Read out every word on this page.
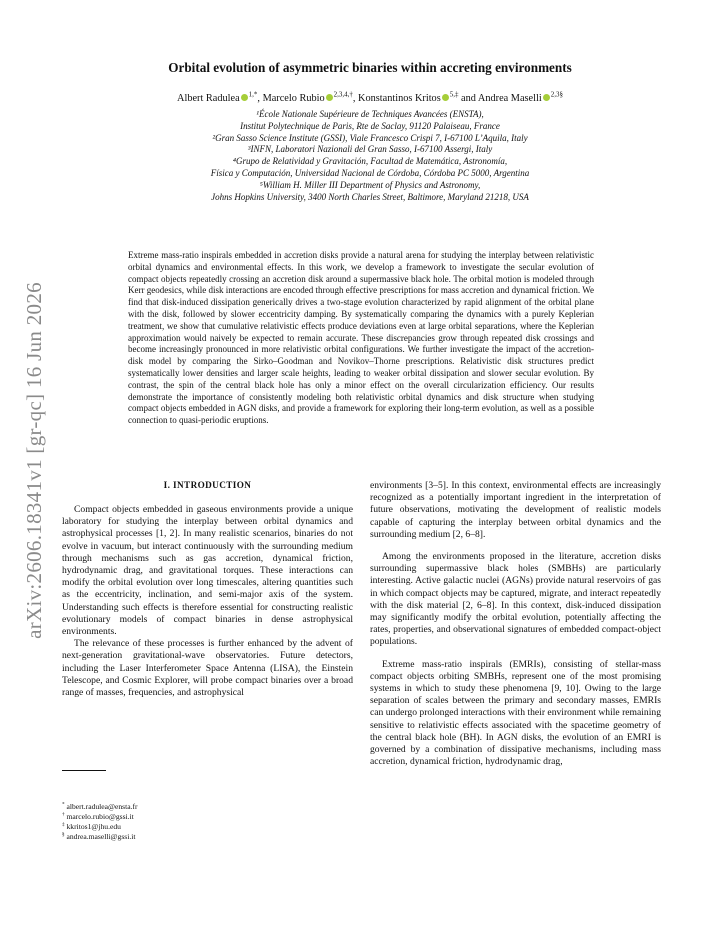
arXiv:2606.18341v1 [gr-qc] 16 Jun 2026
Orbital evolution of asymmetric binaries within accreting environments
Albert Radulea $^{1,*}$, Marcelo Rubio $^{2,3,4,\dagger}$, Konstantinos Kritos $^{5,\ddagger}$ and Andrea Maselli $^{2,3\S}$
¹École Nationale Supérieure de Techniques Avancées (ENSTA),
Institut Polytechnique de Paris, Rte de Saclay, 91120 Palaiseau, France
²Gran Sasso Science Institute (GSSI), Viale Francesco Crispi 7, I-67100 L’Aquila, Italy
³INFN, Laboratori Nazionali del Gran Sasso, I-67100 Assergi, Italy
⁴Grupo de Relatividad y Gravitación, Facultad de Matemática, Astronomía,
Física y Computación, Universidad Nacional de Córdoba, Córdoba PC 5000, Argentina
⁵William H. Miller III Department of Physics and Astronomy,
Johns Hopkins University, 3400 North Charles Street, Baltimore, Maryland 21218, USA
Extreme mass-ratio inspirals embedded in accretion disks provide a natural arena for studying the interplay between relativistic orbital dynamics and environmental effects. In this work, we develop a framework to investigate the secular evolution of compact objects repeatedly crossing an accretion disk around a supermassive black hole. The orbital motion is modeled through Kerr geodesics, while disk interactions are encoded through effective prescriptions for mass accretion and dynamical friction. We find that disk-induced dissipation generically drives a two-stage evolution characterized by rapid alignment of the orbital plane with the disk, followed by slower eccentricity damping. By systematically comparing the dynamics with a purely Keplerian treatment, we show that cumulative relativistic effects produce deviations even at large orbital separations, where the Keplerian approximation would naively be expected to remain accurate. These discrepancies grow through repeated disk crossings and become increasingly pronounced in more relativistic orbital configurations. We further investigate the impact of the accretion-disk model by comparing the Sirko–Goodman and Novikov–Thorne prescriptions. Relativistic disk structures predict systematically lower densities and larger scale heights, leading to weaker orbital dissipation and slower secular evolution. By contrast, the spin of the central black hole has only a minor effect on the overall circularization efficiency. Our results demonstrate the importance of consistently modeling both relativistic orbital dynamics and disk structure when studying compact objects embedded in AGN disks, and provide a framework for exploring their long-term evolution, as well as a possible connection to quasi-periodic eruptions.
I. INTRODUCTION

Compact objects embedded in gaseous environments provide a unique laboratory for studying the interplay between orbital dynamics and astrophysical processes [1, 2]. In many realistic scenarios, binaries do not evolve in vacuum, but interact continuously with the surrounding medium through mechanisms such as gas accretion, dynamical friction, hydrodynamic drag, and gravitational torques. These interactions can modify the orbital evolution over long timescales, altering quantities such as the eccentricity, inclination, and semi-major axis of the system. Understanding such effects is therefore essential for constructing realistic evolutionary models of compact binaries in dense astrophysical environments.

The relevance of these processes is further enhanced by the advent of next-generation gravitational-wave observatories. Future detectors, including the Laser Interferometer Space Antenna (LISA), the Einstein Telescope, and Cosmic Explorer, will probe compact binaries over a broad range of masses, frequencies, and astrophysical

environments [3–5]. In this context, environmental effects are increasingly recognized as a potentially important ingredient in the interpretation of future observations, motivating the development of realistic models capable of capturing the interplay between orbital dynamics and the surrounding medium [2, 6–8].

Among the environments proposed in the literature, accretion disks surrounding supermassive black holes (SMBHs) are particularly interesting. Active galactic nuclei (AGNs) provide natural reservoirs of gas in which compact objects may be captured, migrate, and interact repeatedly with the disk material [2, 6–8]. In this context, disk-induced dissipation may significantly modify the orbital evolution, potentially affecting the rates, properties, and observational signatures of embedded compact-object populations.

Extreme mass-ratio inspirals (EMRIs), consisting of stellar-mass compact objects orbiting SMBHs, represent one of the most promising systems in which to study these phenomena [9, 10]. Owing to the large separation of scales between the primary and secondary masses, EMRIs can undergo prolonged interactions with their environment while remaining sensitive to relativistic effects associated with the spacetime geometry of the central black hole (BH). In AGN disks, the evolution of an EMRI is governed by a combination of dissipative mechanisms, including mass accretion, dynamical friction, hydrodynamic drag,

* albert.radulea@ensta.fr
† marcelo.rubio@gssi.it
‡ kkritos1@jhu.edu
§ andrea.maselli@gssi.it
